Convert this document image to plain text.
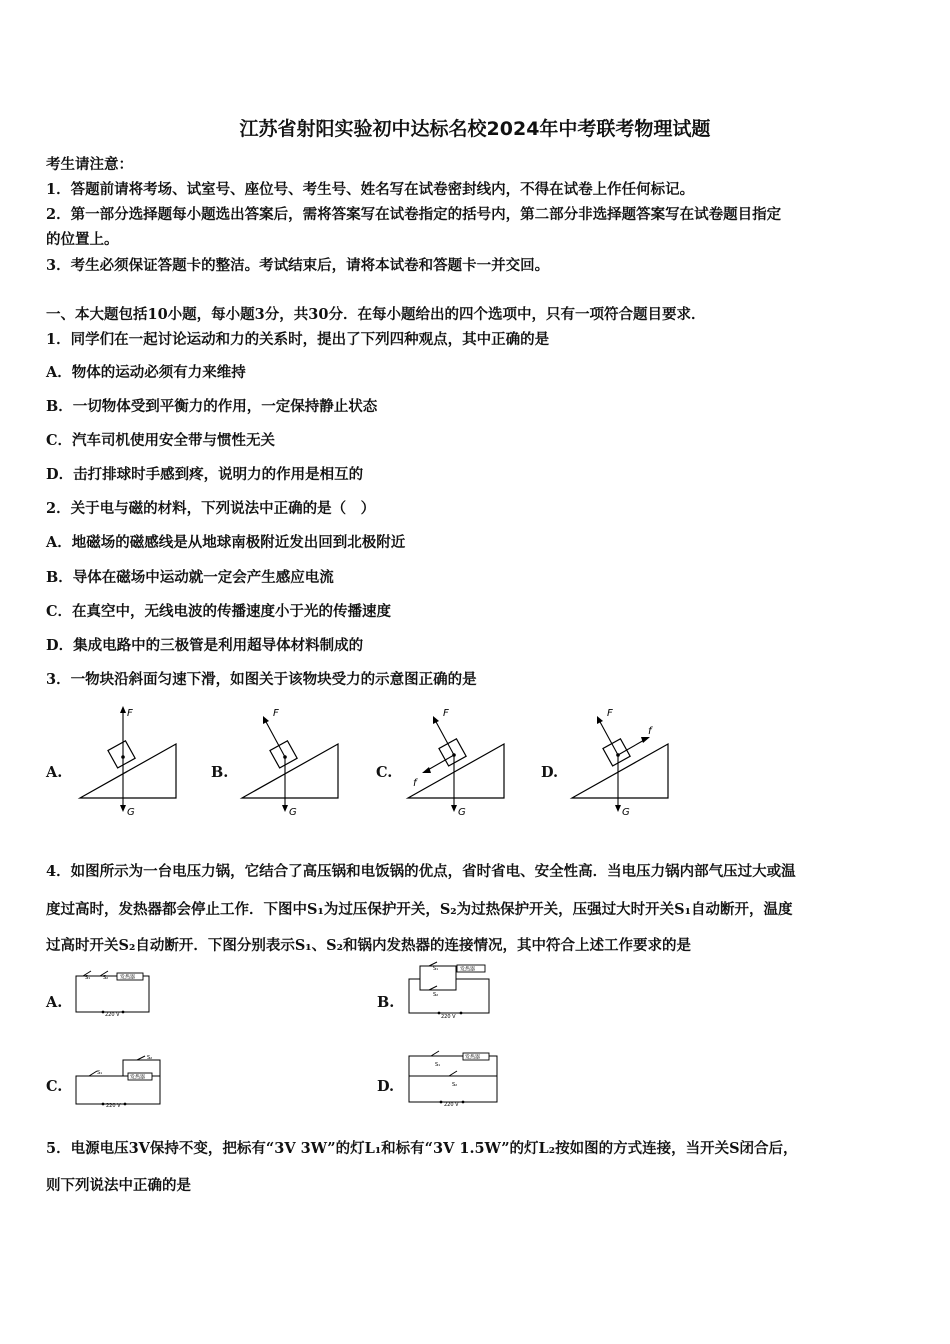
江苏省射阳实验初中达标名校2024年中考联考物理试题
考生请注意：
1．答题前请将考场、试室号、座位号、考生号、姓名写在试卷密封线内，不得在试卷上作任何标记。
2．第一部分选择题每小题选出答案后，需将答案写在试卷指定的括号内，第二部分非选择题答案写在试卷题目指定
的位置上。
3．考生必须保证答题卡的整洁。考试结束后，请将本试卷和答题卡一并交回。
一、本大题包括10小题，每小题3分，共30分．在每小题给出的四个选项中，只有一项符合题目要求．
1．同学们在一起讨论运动和力的关系时，提出了下列四种观点，其中正确的是
A．物体的运动必须有力来维持
B．一切物体受到平衡力的作用，一定保持静止状态
C．汽车司机使用安全带与惯性无关
D．击打排球时手感到疼，说明力的作用是相互的
2．关于电与磁的材料，下列说法中正确的是（　）
A．地磁场的磁感线是从地球南极附近发出回到北极附近
B．导体在磁场中运动就一定会产生感应电流
C．在真空中，无线电波的传播速度小于光的传播速度
D．集成电路中的三极管是利用超导体材料制成的
3．一物块沿斜面匀速下滑，如图关于该物块受力的示意图正确的是
A.
F
G
B.
F
G
C.
F
G
f
D.
F
G
f
4．如图所示为一台电压力锅，它结合了高压锅和电饭锅的优点，省时省电、安全性高．当电压力锅内部气压过大或温
度过高时，发热器都会停止工作．下图中S₁为过压保护开关，S₂为过热保护开关，压强过大时开关S₁自动断开，温度
过高时开关S₂自动断开．下图分别表示S₁、S₂和锅内发热器的连接情况，其中符合上述工作要求的是
A.
S₁	S₂ 发热器
220 V
B.
S₁
S₂
发热器
220 V
C.
S₂
S₁
发热器
220 V
D.
S₁
S₂
发热器
220 V
5．电源电压3V保持不变，把标有“3V 3W”的灯L₁和标有“3V 1.5W”的灯L₂按如图的方式连接，当开关S闭合后，
则下列说法中正确的是
